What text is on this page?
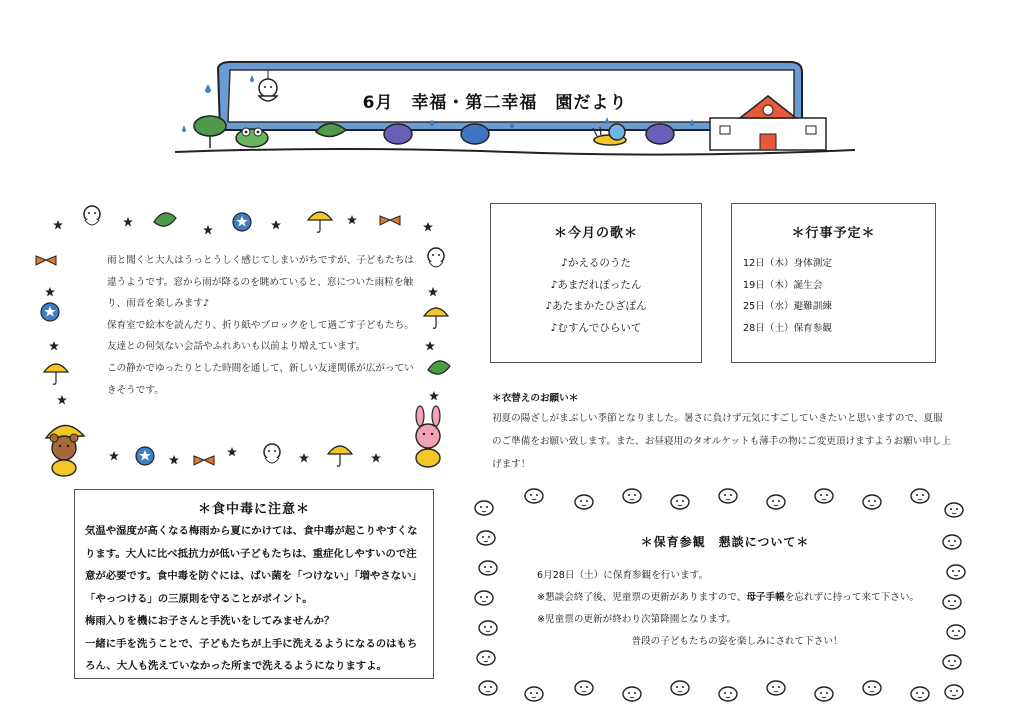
6月　幸福・第二幸福　園だより

雨と聞くと大人はうっとうしく感じてしまいがちですが、子どもたちは違うようです。窓から雨が降るのを眺めていると、窓についた雨粒を触り、雨音を楽しみます♪

保育室で絵本を読んだり、折り紙やブロックをして過ごす子どもたち。友達との何気ない会話やふれあいも以前より増えています。

この静かでゆったりとした時間を通して、新しい友達関係が広がっていきそうです。

＊今月の歌＊
♪かえるのうた
♪あまだれぽったん
♪あたまかたひざぽん
♪むすんでひらいて
＊行事予定＊
12日（木）身体測定
19日（木）誕生会
25日（水）避難訓練
28日（土）保育参観
＊衣替えのお願い＊
初夏の陽ざしがまぶしい季節となりました。暑さに負けず元気にすごしていきたいと思いますので、夏服のご準備をお願い致します。また、お昼寝用のタオルケットも薄手の物にご変更頂けますようお願い申し上げます！
＊食中毒に注意＊

気温や湿度が高くなる梅雨から夏にかけては、食中毒が起こりやすくなります。大人に比べ抵抗力が低い子どもたちは、重症化しやすいので注意が必要です。食中毒を防ぐには、ばい菌を「つけない」「増やさない」「やっつける」の三原則を守ることがポイント。

梅雨入りを機にお子さんと手洗いをしてみませんか？

一緒に手を洗うことで、子どもたちが上手に洗えるようになるのはもちろん、大人も洗えていなかった所まで洗えるようになりますよ。

＊保育参観　懇談について＊

6月28日（土）に保育参観を行います。

※懇談会終了後、児童票の更新がありますので、母子手帳を忘れずに持って来て下さい。

※児童票の更新が終わり次第降園となります。

普段の子どもたちの姿を楽しみにされて下さい！
